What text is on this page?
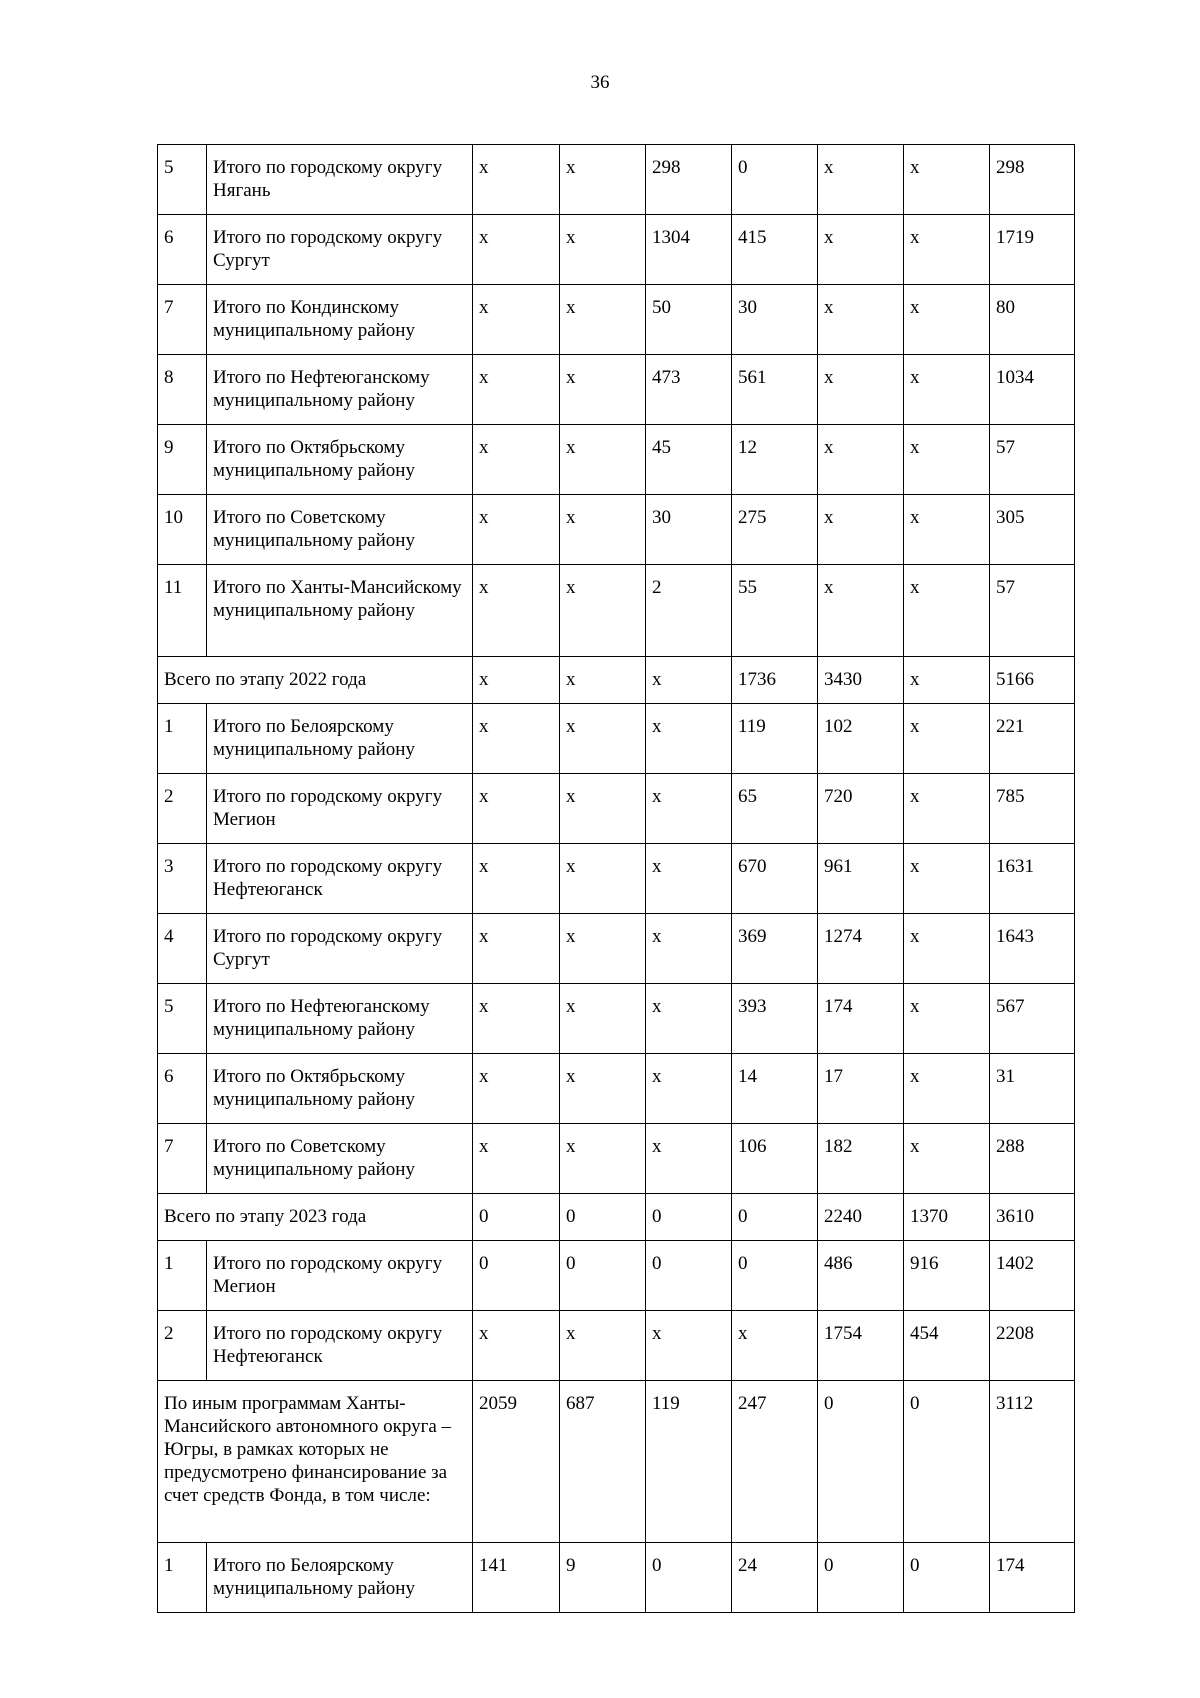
36
5	Итого по городскому округу Нягань	x	x	298	0	x	x	298
6	Итого по городскому округу Сургут	x	x	1304	415	x	x	1719
7	Итого по Кондинскому муниципальному району	x	x	50	30	x	x	80
8	Итого по Нефтеюганскому муниципальному району	x	x	473	561	x	x	1034
9	Итого по Октябрьскому муниципальному району	x	x	45	12	x	x	57
10	Итого по Советскому муниципальному району	x	x	30	275	x	x	305
11	Итого по Ханты-Мансийскому муниципальному району	x	x	2	55	x	x	57
Всего по этапу 2022 года		x	x	x	1736	3430	x	5166
1	Итого по Белоярскому муниципальному району	x	x	x	119	102	x	221
2	Итого по городскому округу Мегион	x	x	x	65	720	x	785
3	Итого по городскому округу Нефтеюганск	x	x	x	670	961	x	1631
4	Итого по городскому округу Сургут	x	x	x	369	1274	x	1643
5	Итого по Нефтеюганскому муниципальному району	x	x	x	393	174	x	567
6	Итого по Октябрьскому муниципальному району	x	x	x	14	17	x	31
7	Итого по Советскому муниципальному району	x	x	x	106	182	x	288
Всего по этапу 2023 года		0	0	0	0	2240	1370	3610
1	Итого по городскому округу Мегион	0	0	0	0	486	916	1402
2	Итого по городскому округу Нефтеюганск	x	x	x	x	1754	454	2208
По иным программам Ханты-Мансийского автономного округа – Югры, в рамках которых не предусмотрено финансирование за счет средств Фонда, в том числе:		2059	687	119	247	0	0	3112
1	Итого по Белоярскому муниципальному району	141	9	0	24	0	0	174
